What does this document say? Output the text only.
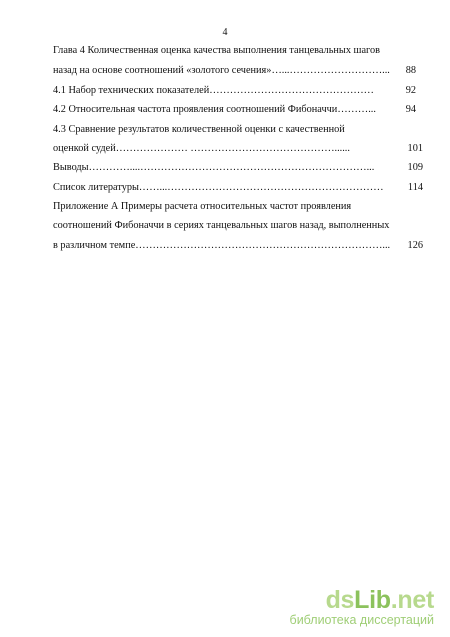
4
Глава 4 Количественная оценка качества выполнения танцевальных шагов
назад на основе соотношений «золотого сечения»…...………………………...	88
4.1 Набор технических показателей…………………………………………	92
4.2 Относительная частота проявления соотношений Фибоначчи………...	94
4.3 Сравнение результатов количественной оценки с качественной
оценкой судей………………… ……………………………………......	101
Выводы…………....…………………………………………………………...	109
Список литературы……...………………………………………………………	114
Приложение А Примеры расчета относительных частот проявления
соотношений Фибоначчи в сериях танцевальных шагов назад, выполненных
в различном темпе………………………………………………………………...	126
dsLib.net
библиотека диссертаций
